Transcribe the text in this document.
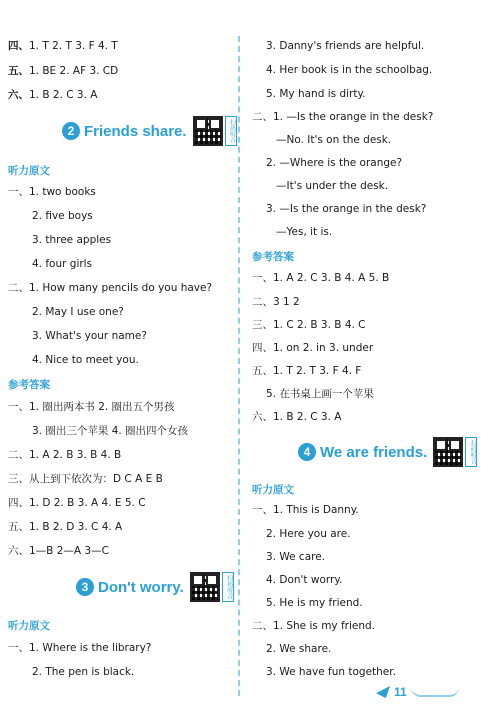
四、1. T 2. T 3. F 4. T
五、1. BE 2. AF 3. CD
六、1. B 2. C 3. A
2 Friends share.	扫码听音
听力原文
一、1. two books
2. five boys
3. three apples
4. four girls
二、1. How many pencils do you have?
2. May I use one?
3. What's your name?
4. Nice to meet you.
参考答案
一、1. 圈出两本书 2. 圈出五个男孩
3. 圈出三个苹果 4. 圈出四个女孩
二、1. A 2. B 3. B 4. B
三、从上到下依次为：D C A E B
四、1. D 2. B 3. A 4. E 5. C
五、1. B 2. D 3. C 4. A
六、1—B 2—A 3—C
3 Don't worry.	扫码听音
听力原文
一、1. Where is the library?
2. The pen is black.
3. Danny's friends are helpful.
4. Her book is in the schoolbag.
5. My hand is dirty.
二、1. —Is the orange in the desk?
—No. It's on the desk.
2. —Where is the orange?
—It's under the desk.
3. —Is the orange in the desk?
—Yes, it is.
参考答案
一、1. A 2. C 3. B 4. A 5. B
二、3 1 2
三、1. C 2. B 3. B 4. C
四、1. on 2. in 3. under
五、1. T 2. T 3. F 4. F
5. 在书桌上画一个苹果
六、1. B 2. C 3. A
4 We are friends.	扫码听音
听力原文
一、1. This is Danny.
2. Here you are.
3. We care.
4. Don't worry.
5. He is my friend.
二、1. She is my friend.
2. We share.
3. We have fun together.
11
